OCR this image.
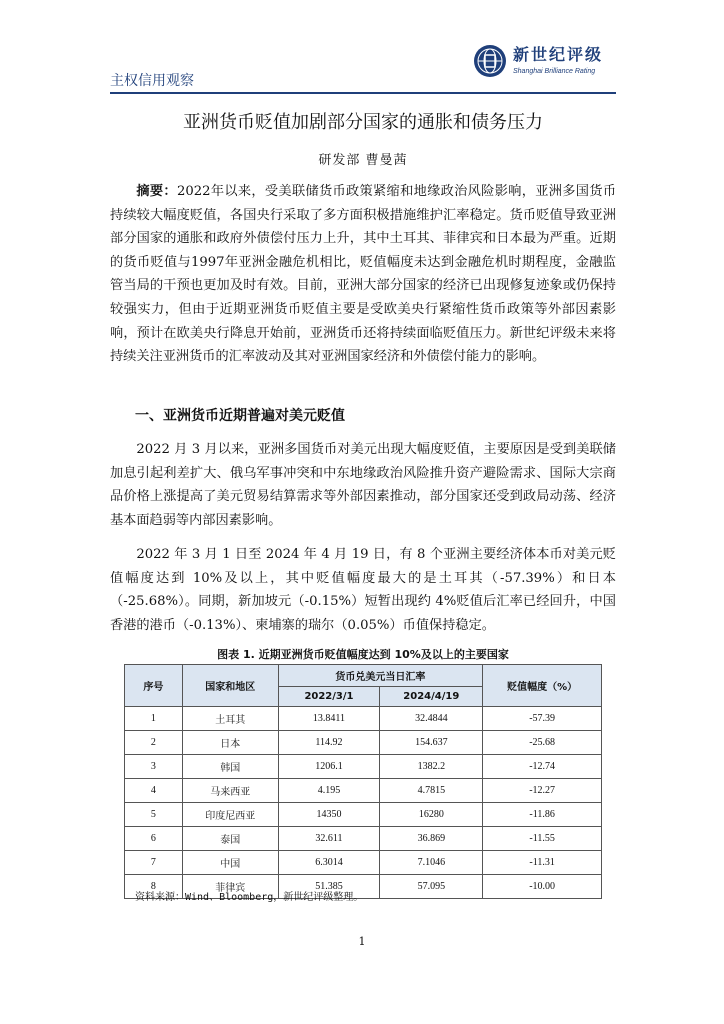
主权信用观察
新世纪评级
Shanghai Brilliance Rating
亚洲货币贬值加剧部分国家的通胀和债务压力
研发部 曹曼茜
摘要：2022年以来，受美联储货币政策紧缩和地缘政治风险影响，亚洲多国货币持续较大幅度贬值，各国央行采取了多方面积极措施维护汇率稳定。货币贬值导致亚洲部分国家的通胀和政府外债偿付压力上升，其中土耳其、菲律宾和日本最为严重。近期的货币贬值与1997年亚洲金融危机相比，贬值幅度未达到金融危机时期程度，金融监管当局的干预也更加及时有效。目前，亚洲大部分国家的经济已出现修复迹象或仍保持较强实力，但由于近期亚洲货币贬值主要是受欧美央行紧缩性货币政策等外部因素影响，预计在欧美央行降息开始前，亚洲货币还将持续面临贬值压力。新世纪评级未来将持续关注亚洲货币的汇率波动及其对亚洲国家经济和外债偿付能力的影响。
一、亚洲货币近期普遍对美元贬值
2022 月 3 月以来，亚洲多国货币对美元出现大幅度贬值，主要原因是受到美联储加息引起利差扩大、俄乌军事冲突和中东地缘政治风险推升资产避险需求、国际大宗商品价格上涨提高了美元贸易结算需求等外部因素推动，部分国家还受到政局动荡、经济基本面趋弱等内部因素影响。
2022 年 3 月 1 日至 2024 年 4 月 19 日，有 8 个亚洲主要经济体本币对美元贬值幅度达到 10%及以上，其中贬值幅度最大的是土耳其（-57.39%）和日本（-25.68%）。同期，新加坡元（-0.15%）短暂出现约 4%贬值后汇率已经回升，中国香港的港币（-0.13%）、柬埔寨的瑞尔（0.05%）币值保持稳定。
图表 1. 近期亚洲货币贬值幅度达到 10%及以上的主要国家
序号	国家和地区	货币兑美元当日汇率		贬值幅度（%）
		2022/3/1	2024/4/19	
1	土耳其	13.8411	32.4844	-57.39
2	日本	114.92	154.637	-25.68
3	韩国	1206.1	1382.2	-12.74
4	马来西亚	4.195	4.7815	-12.27
5	印度尼西亚	14350	16280	-11.86
6	泰国	32.611	36.869	-11.55
7	中国	6.3014	7.1046	-11.31
8	菲律宾	51.385	57.095	-10.00
资料来源：Wind、Bloomberg，新世纪评级整理。
1
